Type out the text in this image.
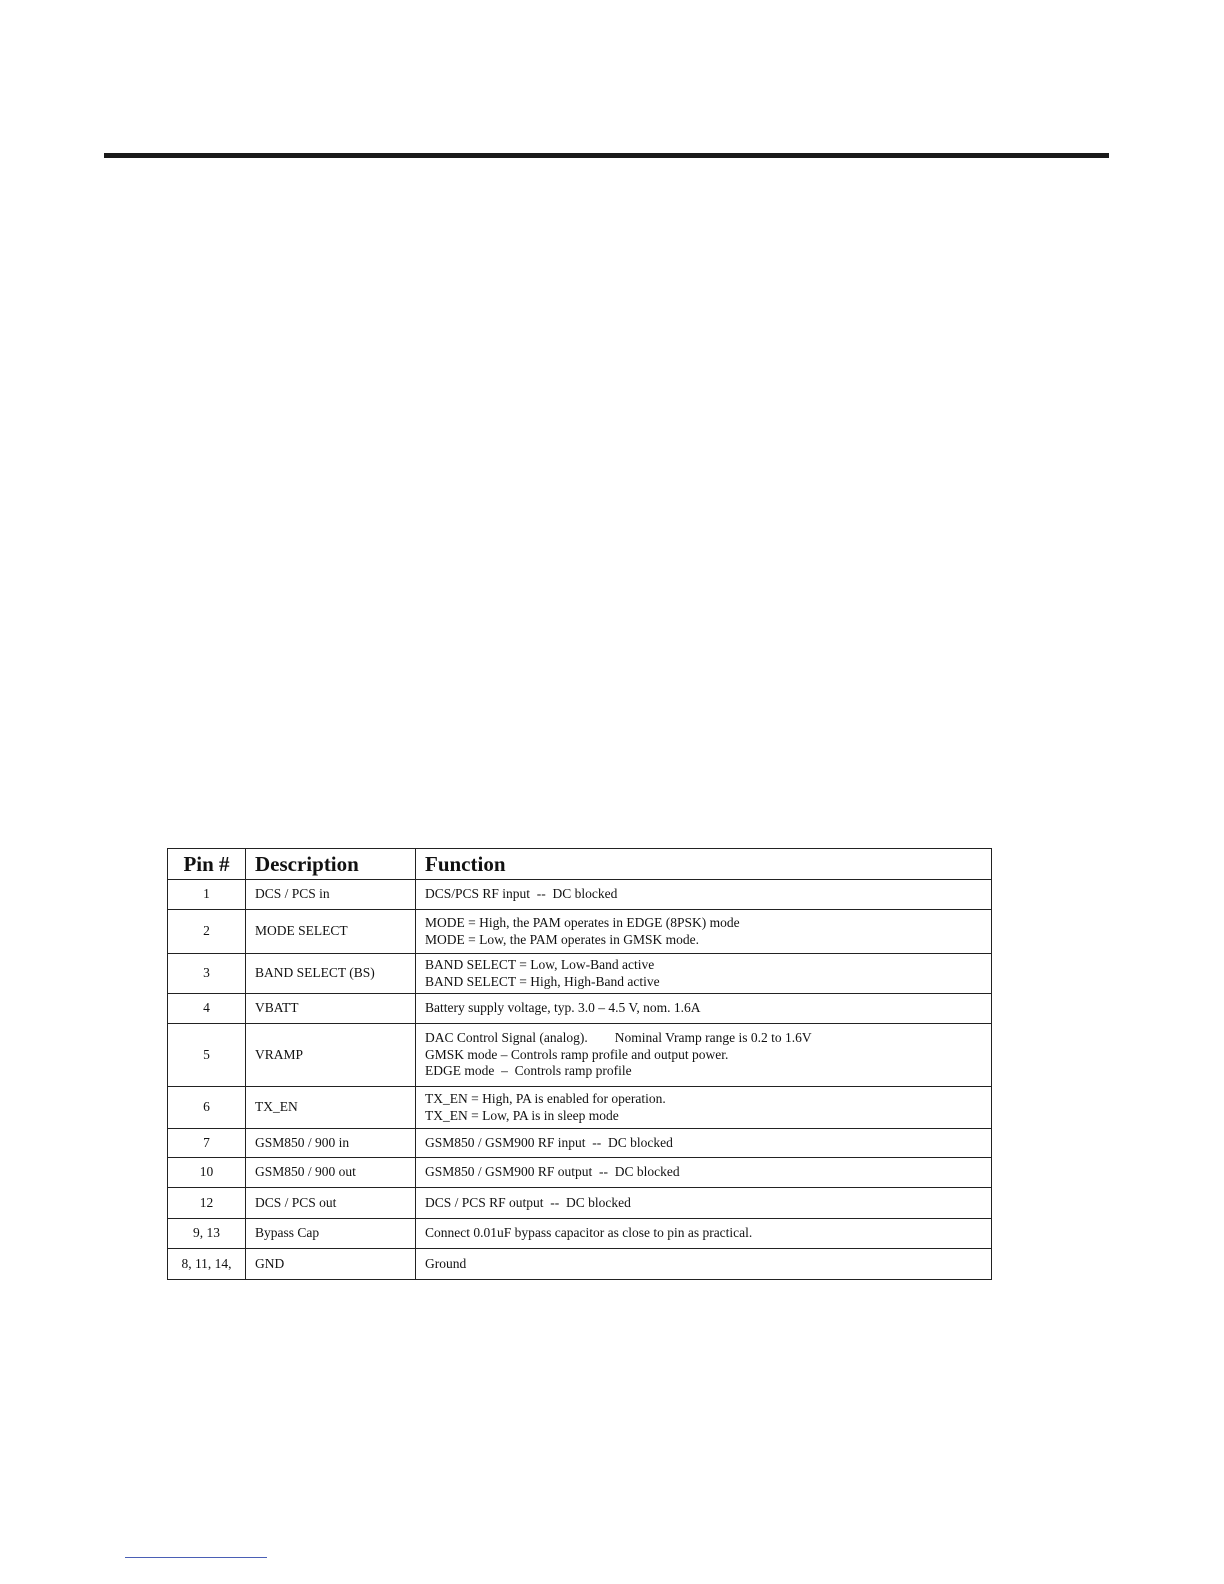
Pin #	Description	Function
1	DCS / PCS in	DCS/PCS RF input  --  DC blocked

2	MODE SELECT	MODE = High, the PAM operates in EDGE (8PSK) mode
MODE = Low, the PAM operates in GMSK mode.

3	BAND SELECT (BS)	BAND SELECT = Low, Low-Band active
BAND SELECT = High, High-Band active

4	VBATT	Battery supply voltage, typ. 3.0 – 4.5 V, nom. 1.6A

5	VRAMP	DAC Control Signal (analog).        Nominal Vramp range is 0.2 to 1.6V
GMSK mode – Controls ramp profile and output power.
EDGE mode  –  Controls ramp profile

6	TX_EN	TX_EN = High, PA is enabled for operation.
TX_EN = Low, PA is in sleep mode

7	GSM850 / 900 in	GSM850 / GSM900 RF input  --  DC blocked

10	GSM850 / 900 out	GSM850 / GSM900 RF output  --  DC blocked

12	DCS / PCS out	DCS / PCS RF output  --  DC blocked

9, 13	Bypass Cap	Connect 0.01uF bypass capacitor as close to pin as practical.

8, 11, 14,	GND	Ground
